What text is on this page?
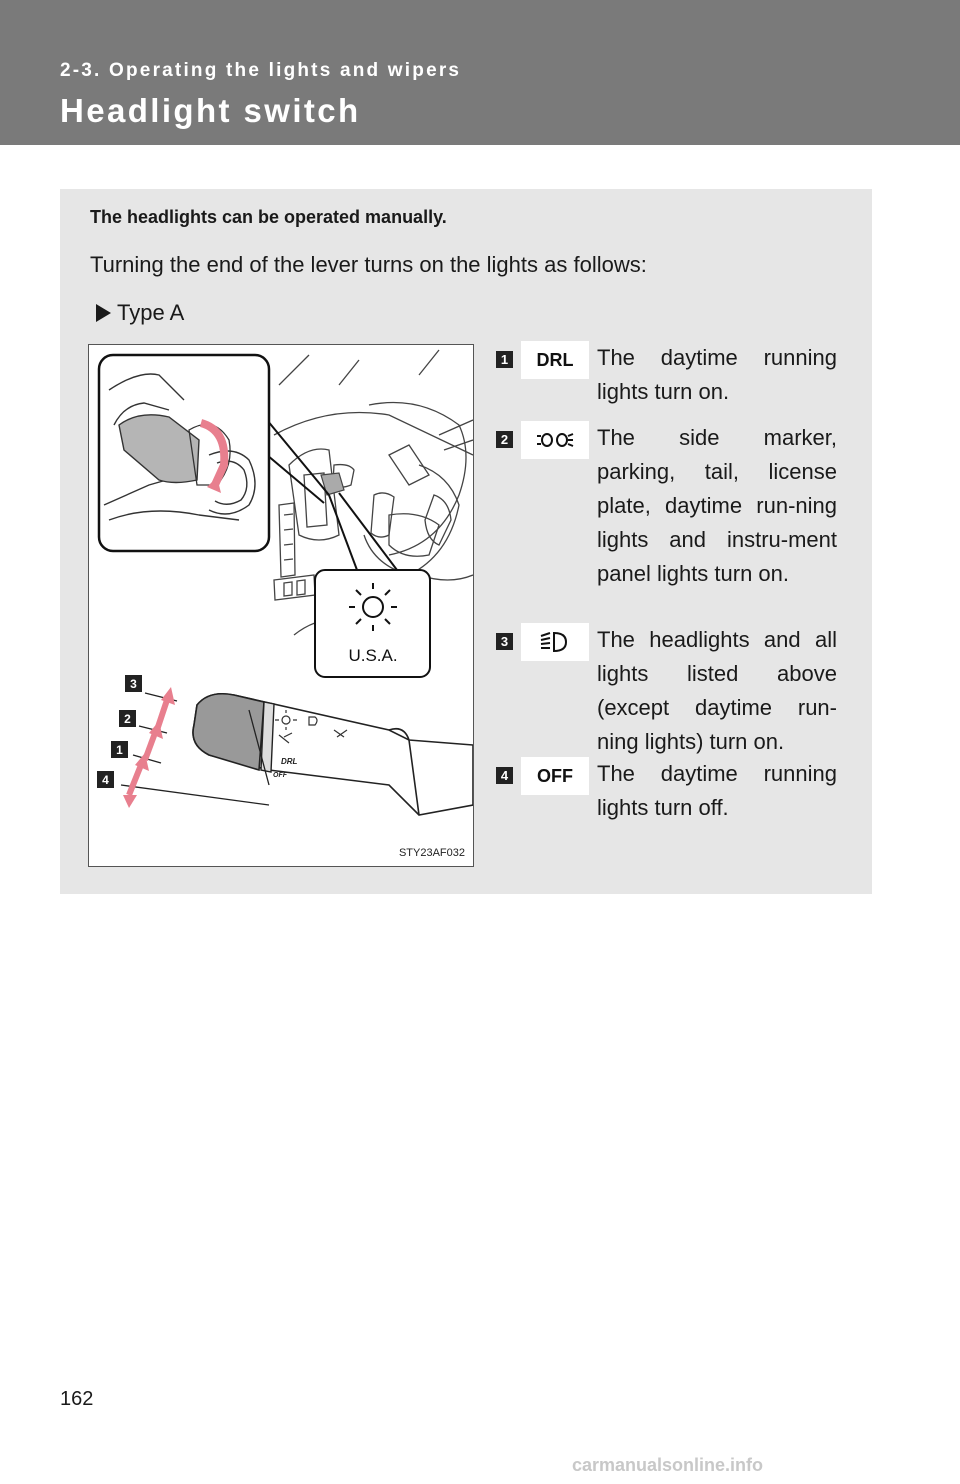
2-3. Operating the lights and wipers
Headlight switch
The headlights can be operated manually.
Turning the end of the lever turns on the lights as follows:
Type A
U.S.A.
DRL
OFF
3
2
1
4
STY23AF032
1	DRL	The daytime running lights turn on.
2	The side marker, parking, tail, license plate, daytime run-ning lights and instru-ment panel lights turn on.
3	The headlights and all lights listed above (except daytime run-ning lights) turn on.
4	OFF	The daytime running lights turn off.
162
carmanualsonline.info
